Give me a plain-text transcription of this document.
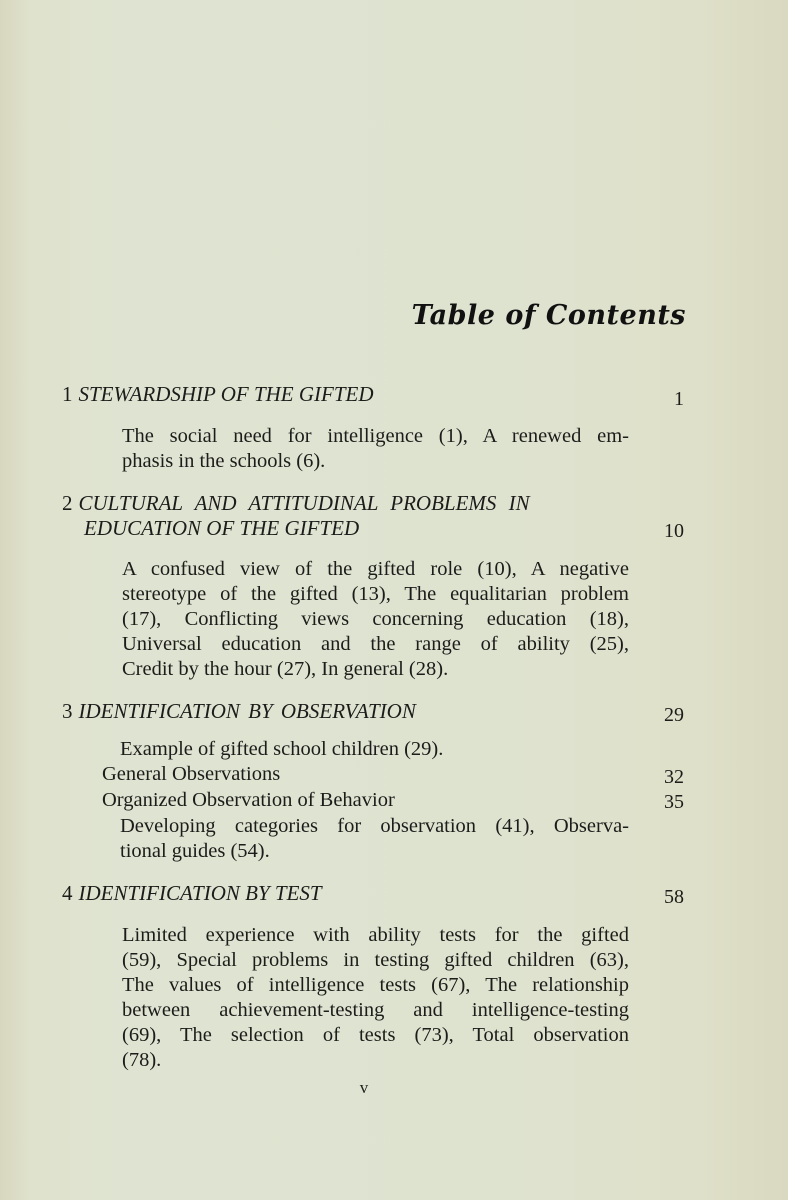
Table of Contents
1 STEWARDSHIP OF THE GIFTED	1
The social need for intelligence (1), A renewed em-
phasis in the schools (6).
2 CULTURAL AND ATTITUDINAL PROBLEMS IN
EDUCATION OF THE GIFTED	10
A confused view of the gifted role (10), A negative
stereotype of the gifted (13), The equalitarian problem
(17), Conflicting views concerning education (18),
Universal education and the range of ability (25),
Credit by the hour (27), In general (28).
3 IDENTIFICATION BY OBSERVATION	29
Example of gifted school children (29).
General Observations	32
Organized Observation of Behavior	35
Developing categories for observation (41), Observa-
tional guides (54).
4 IDENTIFICATION BY TEST	58
Limited experience with ability tests for the gifted
(59), Special problems in testing gifted children (63),
The values of intelligence tests (67), The relationship
between achievement-testing and intelligence-testing
(69), The selection of tests (73), Total observation
(78).
v
